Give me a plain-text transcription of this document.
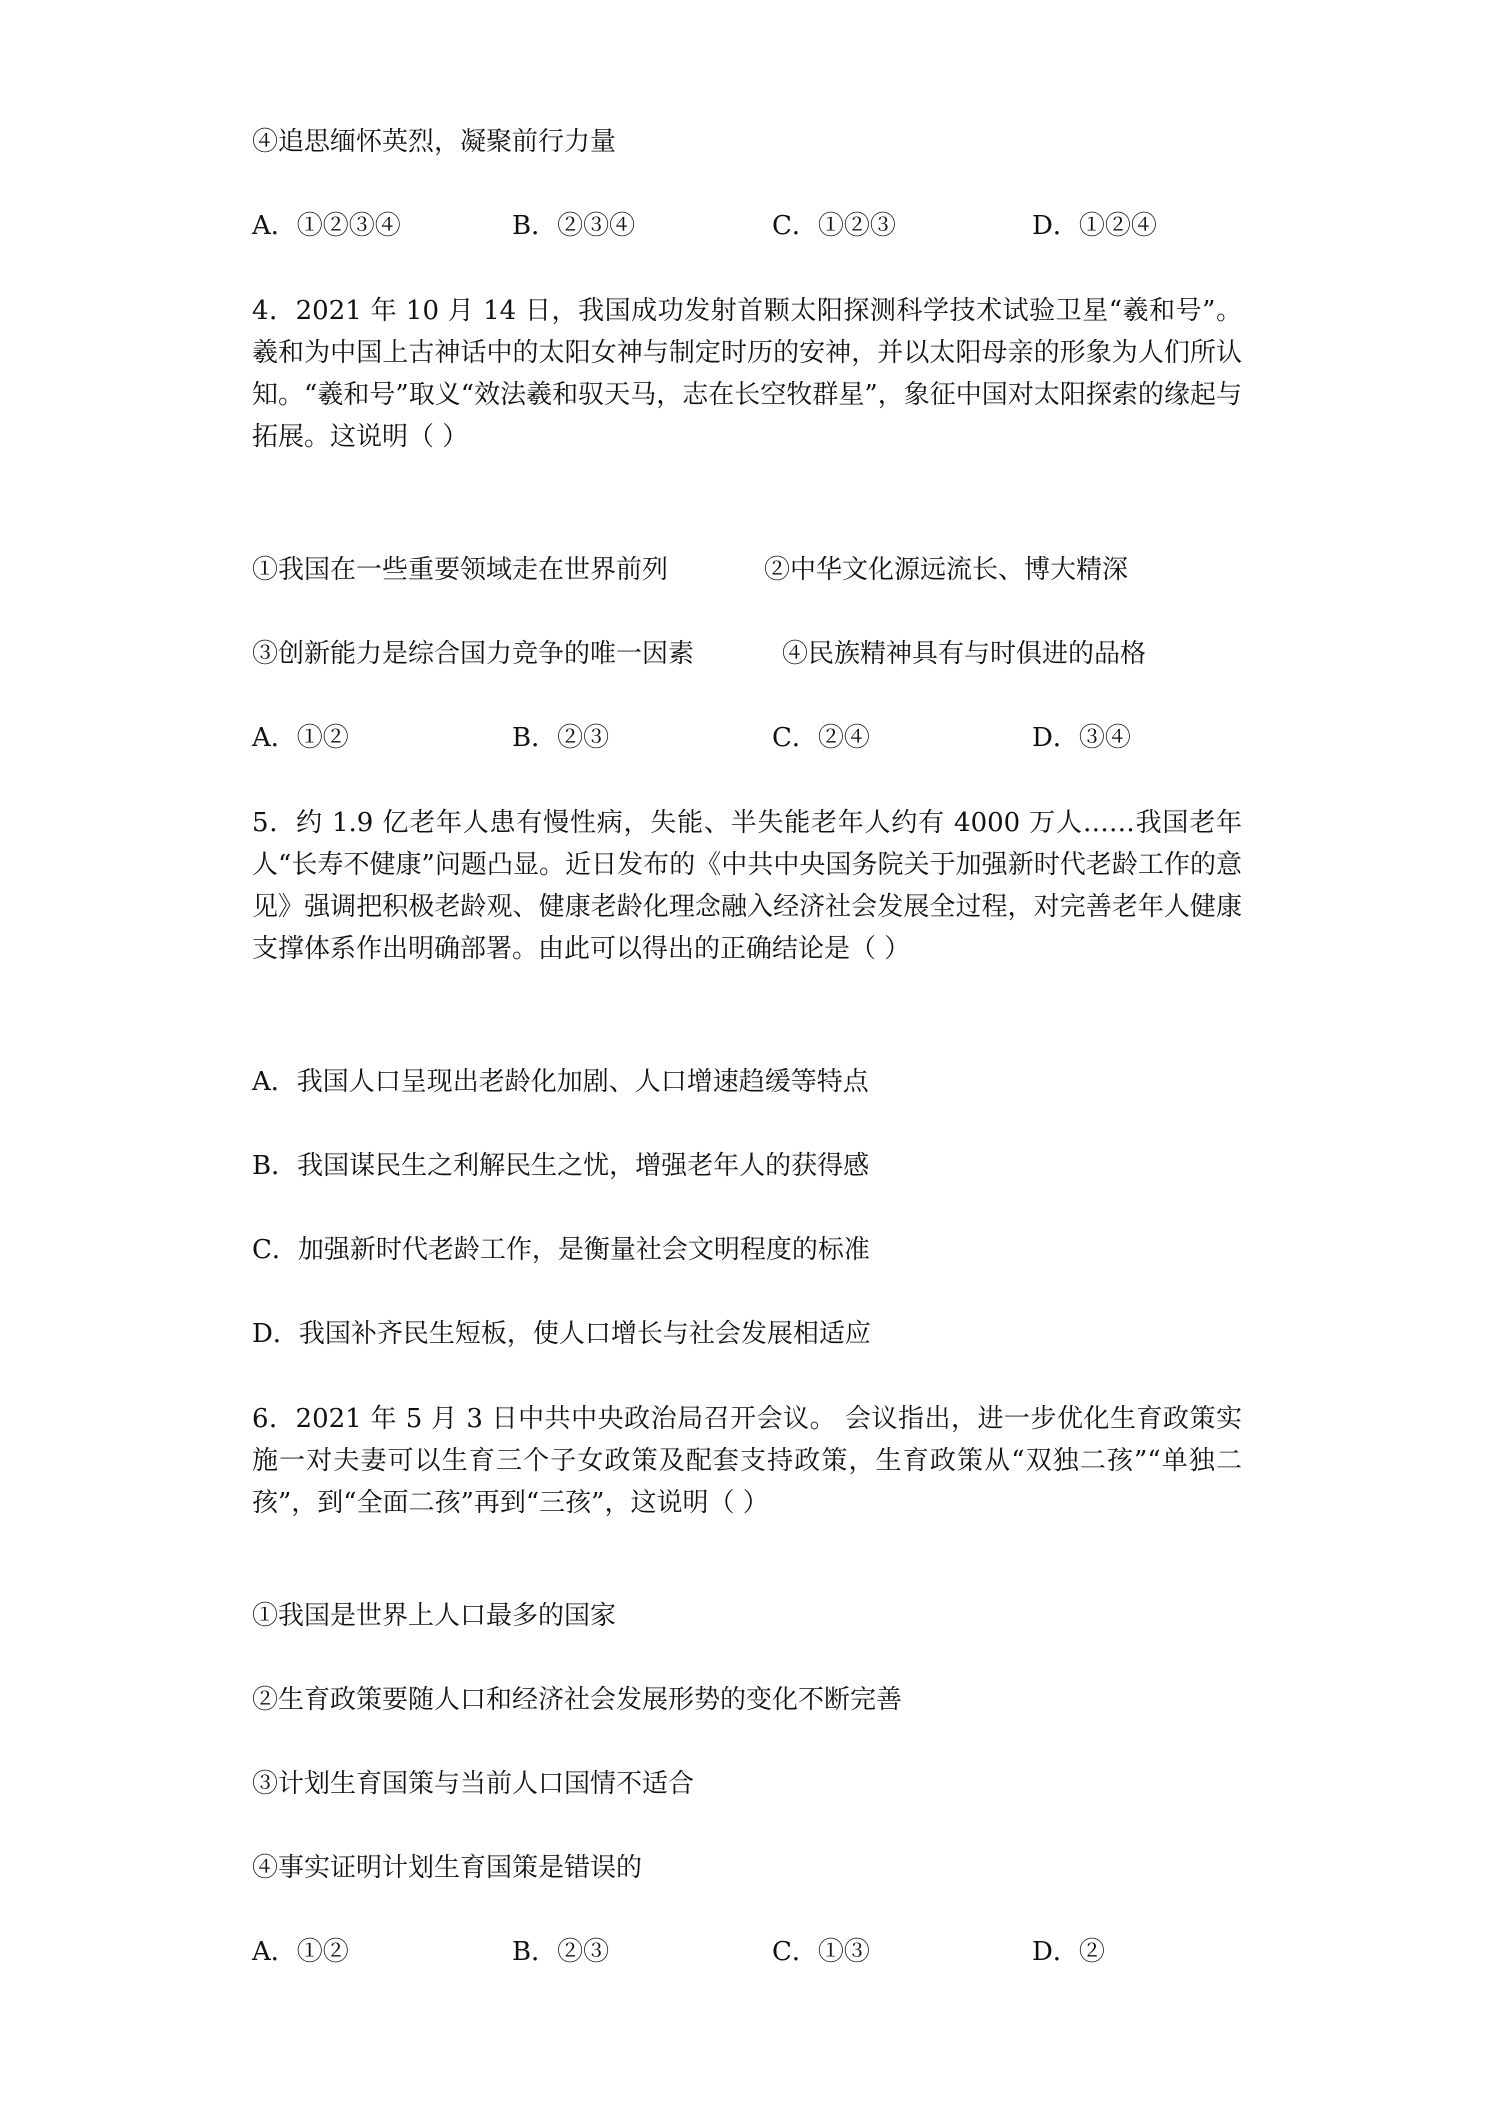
④追思缅怀英烈，凝聚前行力量
A．①②③④	B．②③④	C．①②③	D．①②④
4．2021 年 10 月 14 日，我国成功发射首颗太阳探测科学技术试验卫星“羲和号”。羲和为中国上古神话中的太阳女神与制定时历的安神，并以太阳母亲的形象为人们所认知。“羲和号”取义“效法羲和驭天马，志在长空牧群星”，象征中国对太阳探索的缘起与拓展。这说明（ ）
①我国在一些重要领域走在世界前列	②中华文化源远流长、博大精深
③创新能力是综合国力竞争的唯一因素	④民族精神具有与时俱进的品格
A．①②	B．②③	C．②④	D．③④
5．约 1.9 亿老年人患有慢性病，失能、半失能老年人约有 4000 万人……我国老年人“长寿不健康”问题凸显。近日发布的《中共中央国务院关于加强新时代老龄工作的意见》强调把积极老龄观、健康老龄化理念融入经济社会发展全过程，对完善老年人健康支撑体系作出明确部署。由此可以得出的正确结论是（ ）
A．我国人口呈现出老龄化加剧、人口增速趋缓等特点
B．我国谋民生之利解民生之忧，增强老年人的获得感
C．加强新时代老龄工作，是衡量社会文明程度的标准
D．我国补齐民生短板，使人口增长与社会发展相适应
6．2021 年 5 月 3 日中共中央政治局召开会议。 会议指出，进一步优化生育政策实施一对夫妻可以生育三个子女政策及配套支持政策，生育政策从“双独二孩”“单独二孩”，到“全面二孩”再到“三孩”，这说明（ ）
①我国是世界上人口最多的国家
②生育政策要随人口和经济社会发展形势的变化不断完善
③计划生育国策与当前人口国情不适合
④事实证明计划生育国策是错误的
A．①②	B．②③	C．①③	D．②
